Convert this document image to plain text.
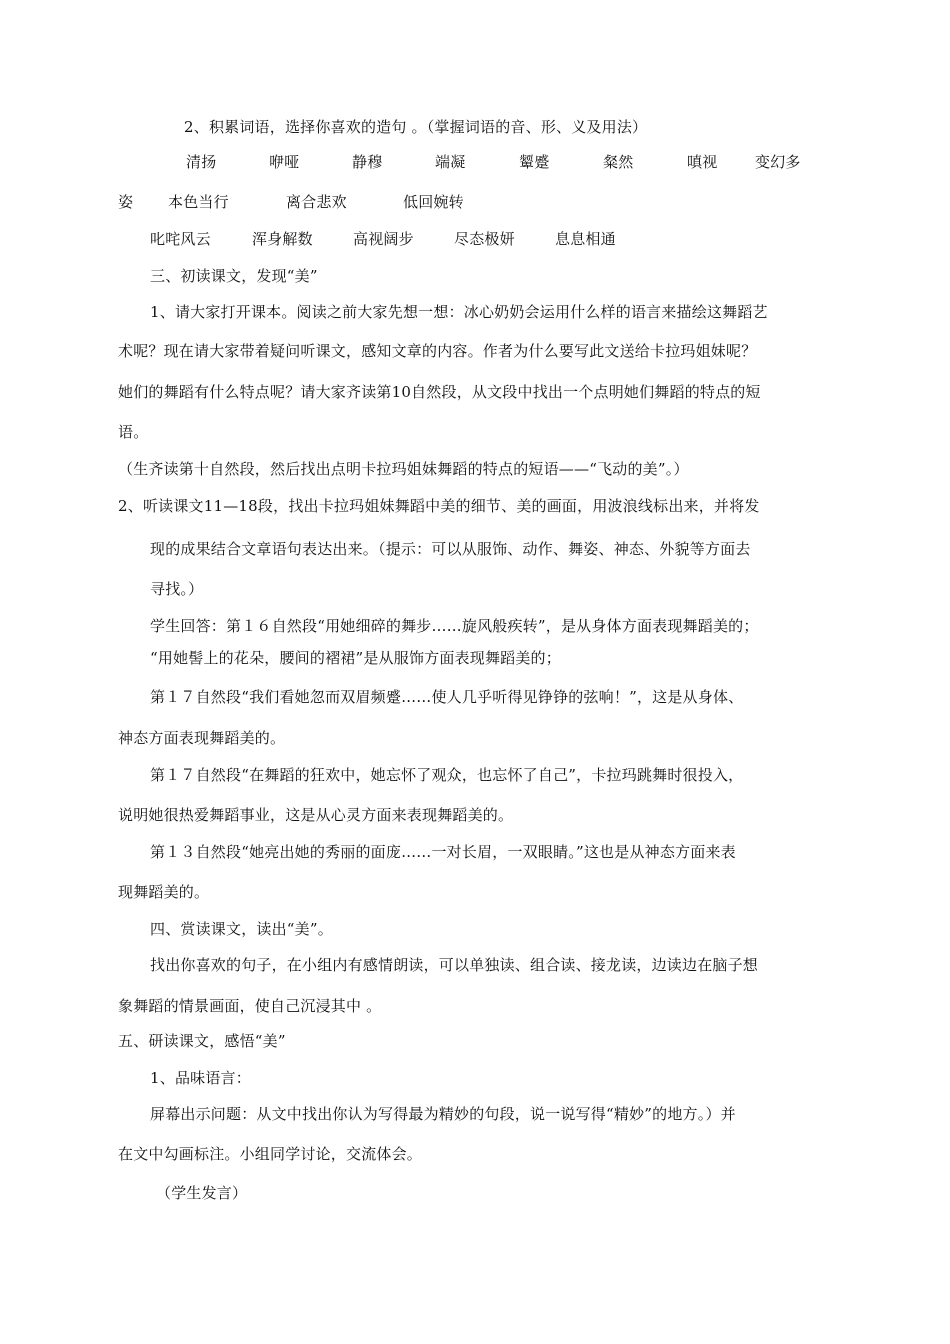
2、积累词语，选择你喜欢的造句 。（掌握词语的音、形、义及用法）
清扬	咿哑	静穆	端凝	颦蹙	粲然	嗔视	变幻多
姿 本色当行	离合悲欢	低回婉转
叱咤风云	浑身解数	高视阔步	尽态极妍	息息相通
三、初读课文，发现“美”
1、请大家打开课本。阅读之前大家先想一想：冰心奶奶会运用什么样的语言来描绘这舞蹈艺
术呢？现在请大家带着疑问听课文，感知文章的内容。作者为什么要写此文送给卡拉玛姐妹呢？
她们的舞蹈有什么特点呢？请大家齐读第10自然段，从文段中找出一个点明她们舞蹈的特点的短
语。
（生齐读第十自然段，然后找出点明卡拉玛姐妹舞蹈的特点的短语——“飞动的美”。）
2、听读课文11—18段，找出卡拉玛姐妹舞蹈中美的细节、美的画面，用波浪线标出来，并将发
现的成果结合文章语句表达出来。（提示：可以从服饰、动作、舞姿、神态、外貌等方面去
寻找。）
学生回答：第１６自然段“用她细碎的舞步……旋风般疾转”，是从身体方面表现舞蹈美的；
“用她髻上的花朵，腰间的褶裙”是从服饰方面表现舞蹈美的；
第１７自然段“我们看她忽而双眉频蹙……使人几乎听得见铮铮的弦响！”，这是从身体、
神态方面表现舞蹈美的。
第１７自然段“在舞蹈的狂欢中，她忘怀了观众，也忘怀了自己”，卡拉玛跳舞时很投入，
说明她很热爱舞蹈事业，这是从心灵方面来表现舞蹈美的。
第１３自然段“她亮出她的秀丽的面庞……一对长眉，一双眼睛。”这也是从神态方面来表
现舞蹈美的。
四、赏读课文，读出“美”。
找出你喜欢的句子，在小组内有感情朗读，可以单独读、组合读、接龙读，边读边在脑子想
象舞蹈的情景画面，使自己沉浸其中 。
五、研读课文，感悟“美”
1、品味语言：
屏幕出示问题：从文中找出你认为写得最为精妙的句段，说一说写得“精妙”的地方。）并
在文中勾画标注。小组同学讨论，交流体会。
（学生发言）
